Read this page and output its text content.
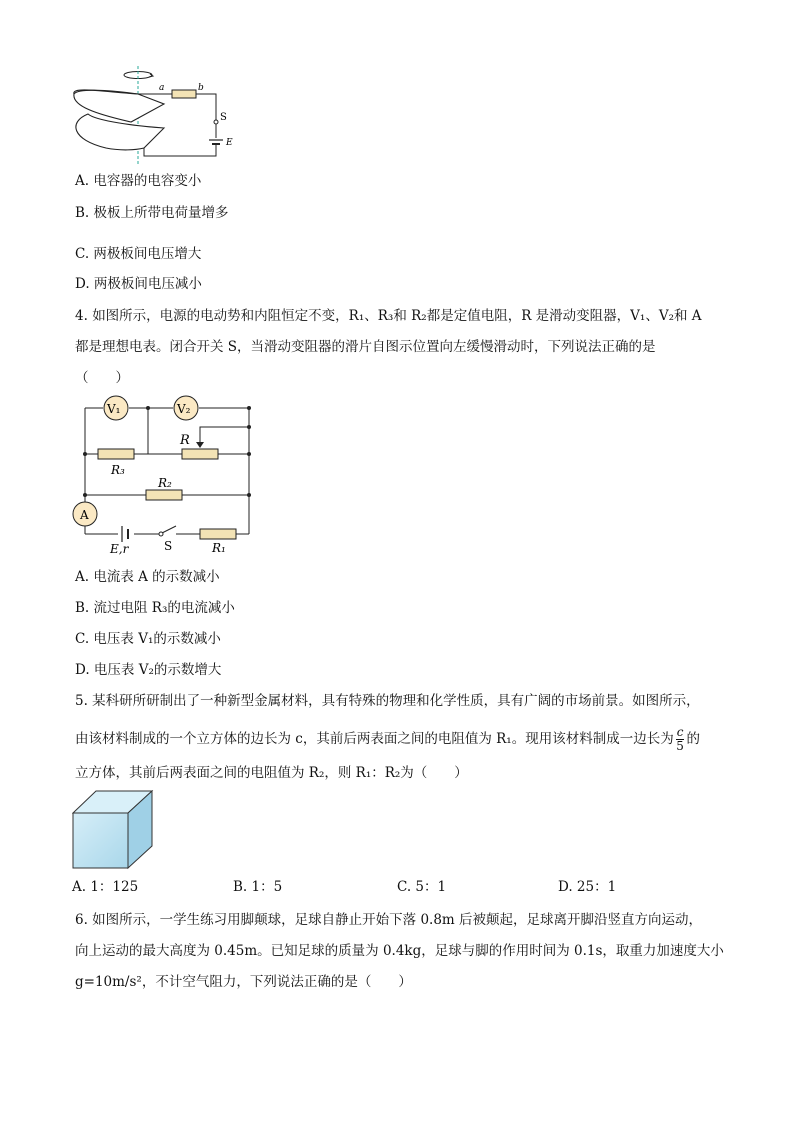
a	b
S
E
A. 电容器的电容变小
B. 极板上所带电荷量增多
C. 两极板间电压增大
D. 两极板间电压减小
4. 如图所示，电源的电动势和内阻恒定不变，R₁、R₃和 R₂都是定值电阻，R 是滑动变阻器，V₁、V₂和 A
都是理想电表。闭合开关 S，当滑动变阻器的滑片自图示位置向左缓慢滑动时，下列说法正确的是
（　　）
V₁	V₂
R₃
R
R₂
A
E,r	S	R₁
A. 电流表 A 的示数减小
B. 流过电阻 R₃的电流减小
C. 电压表 V₁的示数减小
D. 电压表 V₂的示数增大
5. 某科研所研制出了一种新型金属材料，具有特殊的物理和化学性质，具有广阔的市场前景。如图所示，
由该材料制成的一个立方体的边长为 c，其前后两表面之间的电阻值为 R₁。现用该材料制成一边长为 $\frac{c}{5}$ 的
立方体，其前后两表面之间的电阻值为 R₂，则 R₁：R₂为（　　）
A. 1：125	B. 1：5	C. 5：1	D. 25：1
6. 如图所示，一学生练习用脚颠球，足球自静止开始下落 0.8m 后被颠起，足球离开脚沿竖直方向运动，
向上运动的最大高度为 0.45m。已知足球的质量为 0.4kg，足球与脚的作用时间为 0.1s，取重力加速度大小
g=10m/s²，不计空气阻力，下列说法正确的是（　　）
